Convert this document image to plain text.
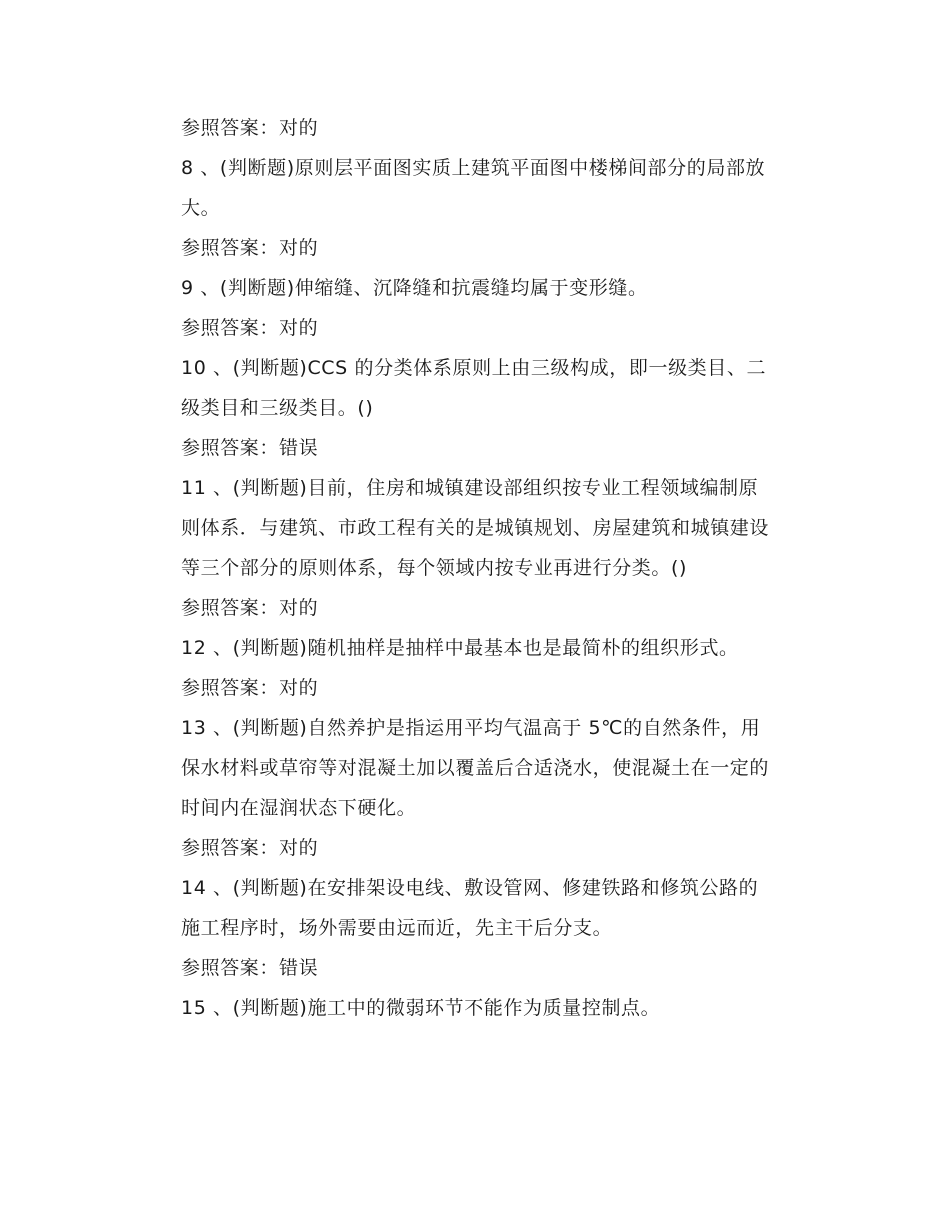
参照答案：对的
8 、(判断题)原则层平面图实质上建筑平面图中楼梯间部分的局部放大。
参照答案：对的
9 、(判断题)伸缩缝、沉降缝和抗震缝均属于变形缝。
参照答案：对的
10 、(判断题)CCS 的分类体系原则上由三级构成，即一级类目、二级类目和三级类目。()
参照答案：错误
11 、(判断题)目前，住房和城镇建设部组织按专业工程领域编制原则体系．与建筑、市政工程有关的是城镇规划、房屋建筑和城镇建设等三个部分的原则体系，每个领域内按专业再进行分类。()
参照答案：对的
12 、(判断题)随机抽样是抽样中最基本也是最简朴的组织形式。
参照答案：对的
13 、(判断题)自然养护是指运用平均气温高于 5℃的自然条件，用保水材料或草帘等对混凝土加以覆盖后合适浇水，使混凝土在一定的时间内在湿润状态下硬化。
参照答案：对的
14 、(判断题)在安排架设电线、敷设管网、修建铁路和修筑公路的施工程序时，场外需要由远而近，先主干后分支。
参照答案：错误
15 、(判断题)施工中的微弱环节不能作为质量控制点。
